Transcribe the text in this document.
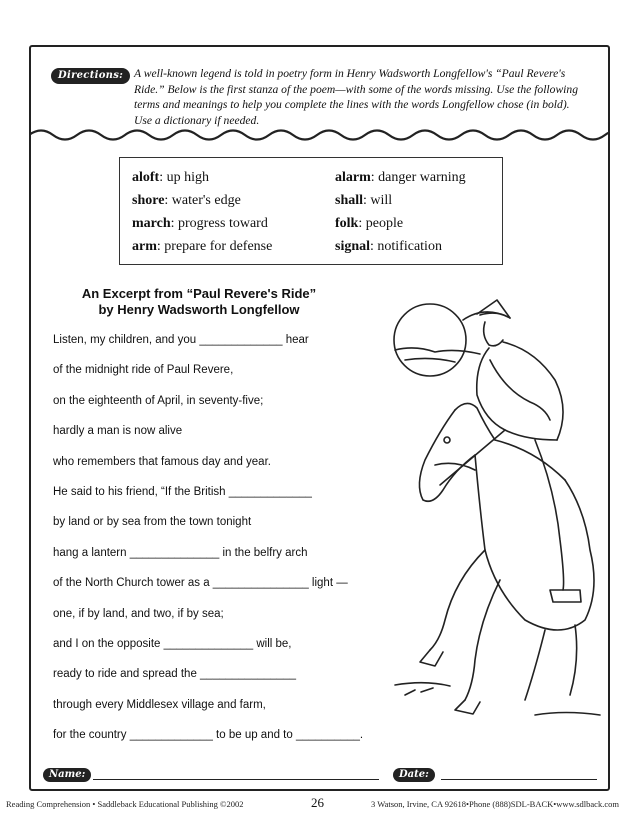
Directions: A well-known legend is told in poetry form in Henry Wadsworth Longfellow's “Paul Revere's Ride.” Below is the first stanza of the poem—with some of the words missing. Use the following terms and meanings to help you complete the lines with the words Longfellow chose (in bold). Use a dictionary if needed.
aloft: up high	alarm: danger warning
shore: water's edge	shall: will
march: progress toward	folk: people
arm: prepare for defense	signal: notification
An Excerpt from “Paul Revere's Ride”
by Henry Wadsworth Longfellow
Listen, my children, and you _____________ hear
of the midnight ride of Paul Revere,
on the eighteenth of April, in seventy-five;
hardly a man is now alive
who remembers that famous day and year.
He said to his friend, “If the British _____________
by land or by sea from the town tonight
hang a lantern ______________ in the belfry arch
of the North Church tower as a _______________ light —
one, if by land, and two, if by sea;
and I on the opposite ______________ will be,
ready to ride and spread the _______________
through every Middlesex village and farm,
for the country _____________ to be up and to __________.
Name:	Date:
Reading Comprehension • Saddleback Educational Publishing ©2002	26	3 Watson, Irvine, CA 92618•Phone (888)SDL-BACK•www.sdlback.com
